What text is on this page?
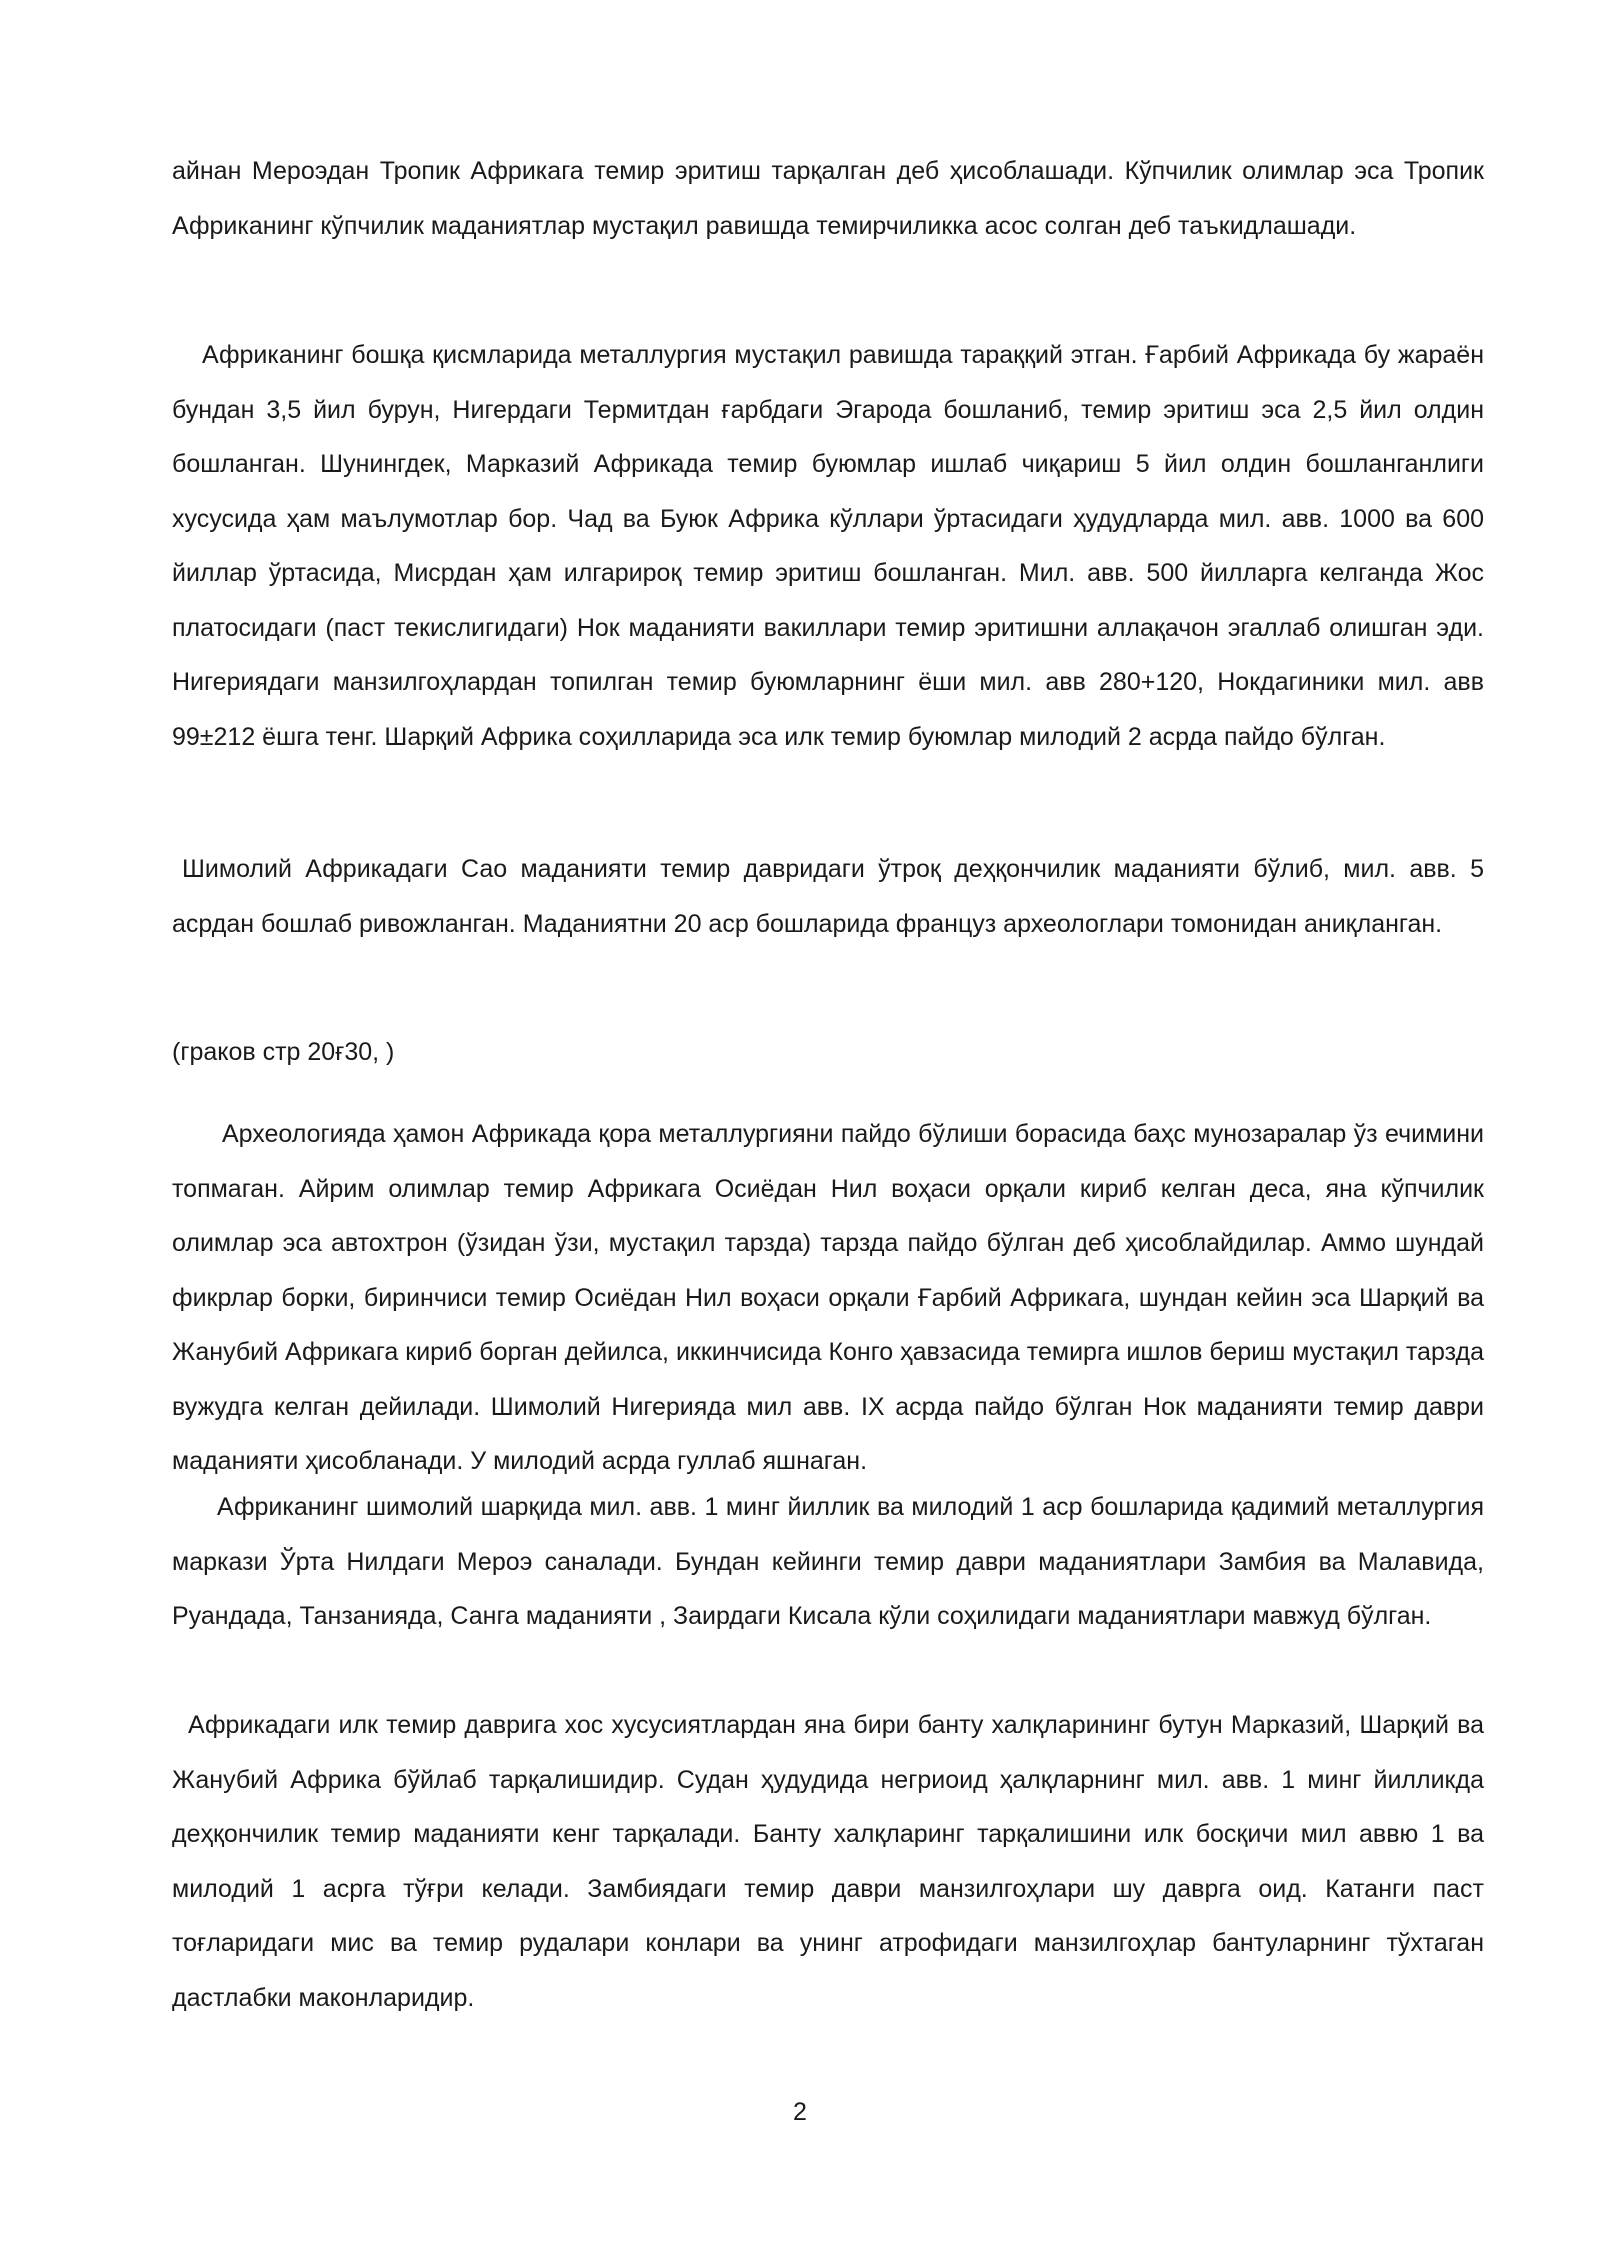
айнан Мероэдан Тропик Африкага темир эритиш тарқалган деб ҳисоблашади. Кўпчилик олимлар эса Тропик Африканинг кўпчилик маданиятлар мустақил равишда темирчиликка асос солган деб таъкидлашади.

Африканинг бошқа қисмларида металлургия мустақил равишда тараққий этган. Ғарбий Африкада бу жараён бундан 3,5 йил бурун, Нигердаги Термитдан ғарбдаги Эгарода бошланиб, темир эритиш эса 2,5 йил олдин бошланган. Шунингдек, Марказий Африкада темир буюмлар ишлаб чиқариш 5 йил олдин бошланганлиги хусусида ҳам маълумотлар бор. Чад ва Буюк Африка кўллари ўртасидаги ҳудудларда мил. авв. 1000 ва 600 йиллар ўртасида, Мисрдан ҳам илгарироқ темир эритиш бошланган. Мил. авв. 500 йилларга келганда Жос платосидаги (паст текислигидаги) Нок маданияти вакиллари темир эритишни аллақачон эгаллаб олишган эди. Нигериядаги манзилгоҳлардан топилган темир буюмларнинг ёши мил. авв 280+120, Нокдагиники мил. авв 99±212 ёшга тенг. Шарқий Африка соҳилларида эса илк темир буюмлар милодий 2 асрда пайдо бўлган.

Шимолий Африкадаги Сао маданияти темир давридаги ўтроқ деҳқончилик маданияти бўлиб, мил. авв. 5 асрдан бошлаб ривожланган. Маданиятни 20 аср бошларида француз археологлари томонидан аниқланган.

(граков стр 20ғ30, )

Археологияда ҳамон Африкада қора металлургияни пайдо бўлиши борасида баҳс мунозаралар ўз ечимини топмаган. Айрим олимлар темир Африкага Осиёдан Нил воҳаси орқали кириб келган деса, яна кўпчилик олимлар эса автохтрон (ўзидан ўзи, мустақил тарзда) тарзда пайдо бўлган деб ҳисоблайдилар. Аммо шундай фикрлар борки, биринчиси темир Осиёдан Нил воҳаси орқали Ғарбий Африкага, шундан кейин эса Шарқий ва Жанубий Африкага кириб борган дейилса, иккинчисида Конго ҳавзасида темирга ишлов бериш мустақил тарзда вужудга келган дейилади. Шимолий Нигерияда мил авв. IX асрда пайдо бўлган Нок маданияти темир даври маданияти ҳисобланади. У милодий асрда гуллаб яшнаган.

Африканинг шимолий шарқида мил. авв. 1 минг йиллик ва милодий 1 аср бошларида қадимий металлургия маркази Ўрта Нилдаги Мероэ саналади. Бундан кейинги темир даври маданиятлари Замбия ва Малавида, Руандада, Танзанияда, Санга маданияти , Заирдаги Кисала кўли соҳилидаги маданиятлари мавжуд бўлган.

Африкадаги илк темир даврига хос хусусиятлардан яна бири банту халқларининг бутун Марказий, Шарқий ва Жанубий Африка бўйлаб тарқалишидир. Судан ҳудудида негриоид ҳалқларнинг мил. авв. 1 минг йилликда деҳқончилик темир маданияти кенг тарқалади. Банту халқларинг тарқалишини илк босқичи мил аввю 1 ва милодий 1 асрга тўғри келади. Замбиядаги темир даври манзилгоҳлари шу даврга оид. Катанги паст тоғларидаги мис ва темир рудалари конлари ва унинг атрофидаги манзилгоҳлар бантуларнинг тўхтаган дастлабки маконларидир.

2
